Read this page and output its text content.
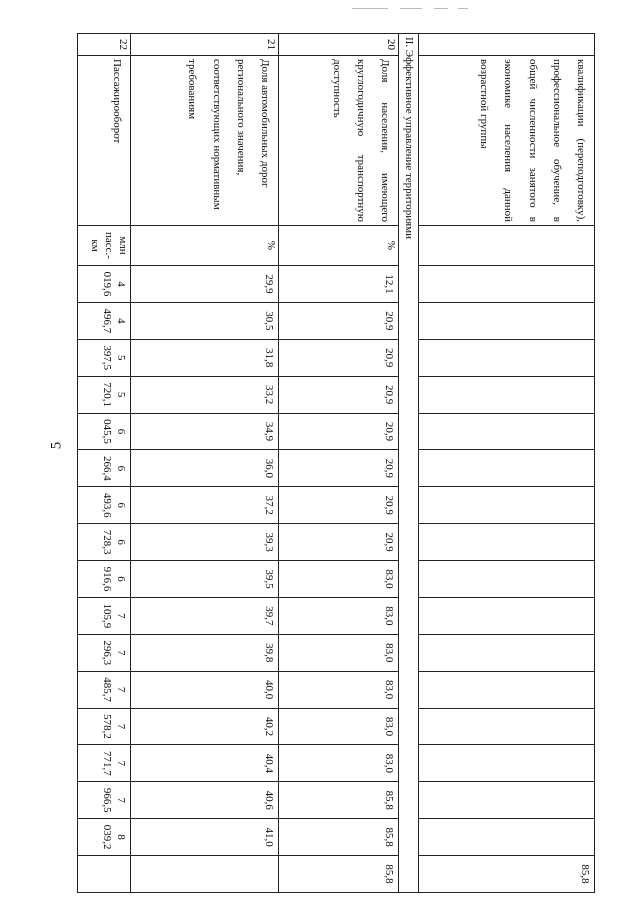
5
	квалификации (переподготовку), профессиональное обучение, в общей численности занятого в экономике населения данной возрастной группы																		85,8
II. Эффективное управление территориями																			
20	Доля населения, имеющего круглогодичную транспортную доступность	%	12,1	20,9	20,9	20,9	20,9	20,9	20,9	20,9	83,0	83,0	83,0	83,0	83,0	83,0	85,8	85,8	85,8
21	Доля автомобильных дорог регионального значения, соответствующих нормативным требованиям	%	29,9	30,5	31,8	33,2	34,9	36,0	37,2	39,3	39,5	39,7	39,8	40,0	40,2	40,4	40,6	41,0	
22	Пассажирооборот	млн пасс.-км	4 019,6	4 496,7	5 397,5	5 720,1	6 045,5	6 266,4	6 493,6	6 728,3	6 916,6	7 105,9	7 296,3	7 485,7	7 578,2	7 771,7	7 966,5	8 039,2	
